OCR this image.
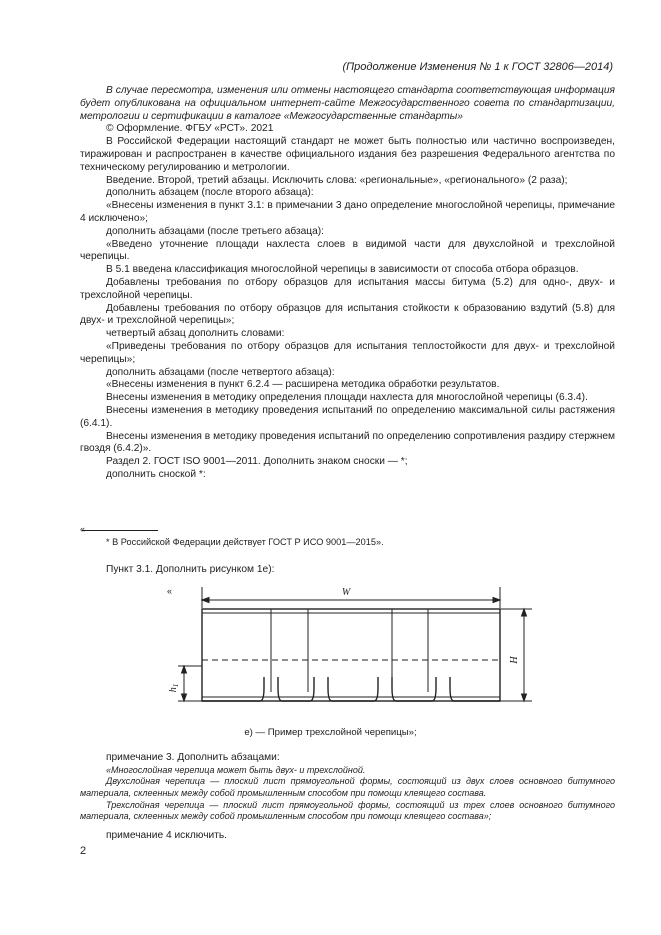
(Продолжение Изменения № 1 к ГОСТ 32806—2014)

В случае пересмотра, изменения или отмены настоящего стандарта соответствующая информация будет опубликована на официальном интернет-сайте Межгосударственного совета по стандартизации, метрологии и сертификации в каталоге «Межгосударственные стандарты»

© Оформление. ФГБУ «РСТ». 2021

В Российской Федерации настоящий стандарт не может быть полностью или частично воспроизведен, тиражирован и распространен в качестве официального издания без разрешения Федерального агентства по техническому регулированию и метрологии.

Введение. Второй, третий абзацы. Исключить слова: «региональные», «регионального» (2 раза);

дополнить абзацем (после второго абзаца):

«Внесены изменения в пункт 3.1: в примечании 3 дано определение многослойной черепицы, примечание 4 исключено»;

дополнить абзацами (после третьего абзаца):

«Введено уточнение площади нахлеста слоев в видимой части для двухслойной и трехслойной черепицы.

В 5.1 введена классификация многослойной черепицы в зависимости от способа отбора образцов.

Добавлены требования по отбору образцов для испытания массы битума (5.2) для одно-, двух- и трехслойной черепицы.

Добавлены требования по отбору образцов для испытания стойкости к образованию вздутий (5.8) для двух- и трехслойной черепицы»;

четвертый абзац дополнить словами:

«Приведены требования по отбору образцов для испытания теплостойкости для двух- и трехслойной черепицы»;

дополнить абзацами (после четвертого абзаца):

«Внесены изменения в пункт 6.2.4 — расширена методика обработки результатов.

Внесены изменения в методику определения площади нахлеста для многослойной черепицы (6.3.4).

Внесены изменения в методику проведения испытаний по определению максимальной силы растяжения (6.4.1).

Внесены изменения в методику проведения испытаний по определению сопротивления раздиру стержнем гвоздя (6.4.2)».

Раздел 2. ГОСТ ISO 9001—2011. Дополнить знаком сноски — *;

дополнить сноской *:

«
* В Российской Федерации действует ГОСТ Р ИСО 9001—2015».
Пункт 3.1. Дополнить рисунком 1е):
«	W
H
$h_1$
е) — Пример трехслойной черепицы»;

примечание 3. Дополнить абзацами:

«Многослойная черепица может быть двух- и трехслойной.

Двухслойная черепица — плоский лист прямоугольной формы, состоящий из двух слоев основного битумного материала, склеенных между собой промышленным способом при помощи клеящего состава.

Трехслойная черепица — плоский лист прямоугольной формы, состоящий из трех слоев основного битумного материала, склеенных между собой промышленным способом при помощи клеящего состава»;

примечание 4 исключить.

2
